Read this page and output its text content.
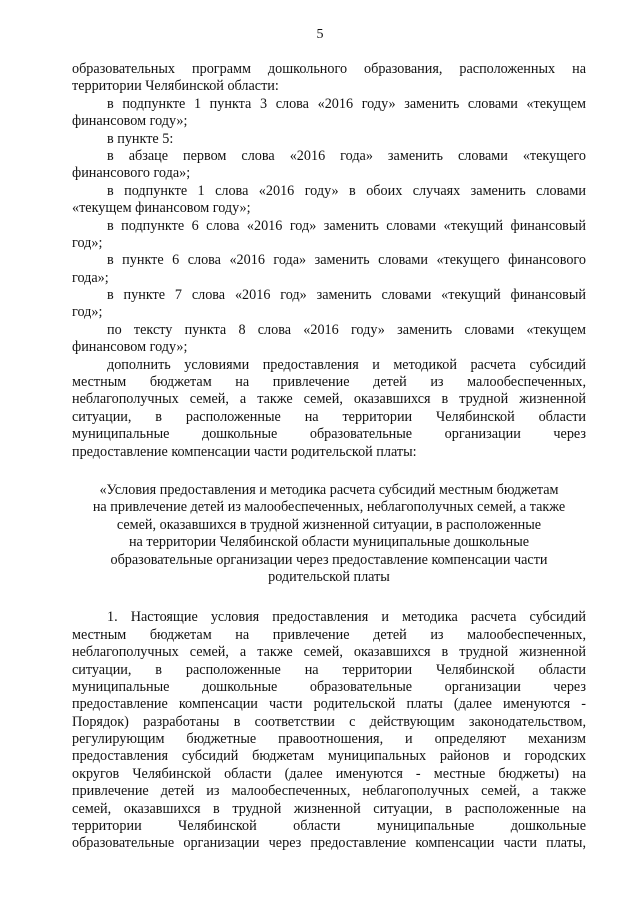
5
образовательных программ дошкольного образования, расположенных на
территории Челябинской области:
в подпункте 1 пункта 3 слова «2016 году» заменить словами «текущем
финансовом году»;
в пункте 5:
в абзаце первом слова «2016 года» заменить словами «текущего
финансового года»;
в подпункте 1 слова «2016 году» в обоих случаях заменить словами
«текущем финансовом году»;
в подпункте 6 слова «2016 год» заменить словами «текущий финансовый
год»;
в пункте 6 слова «2016 года» заменить словами «текущего финансового
года»;
в пункте 7 слова «2016 год» заменить словами «текущий финансовый
год»;
по тексту пункта 8 слова «2016 году» заменить словами «текущем
финансовом году»;
дополнить условиями предоставления и методикой расчета субсидий
местным бюджетам на привлечение детей из малообеспеченных,
неблагополучных семей, а также семей, оказавшихся в трудной жизненной
ситуации, в расположенные на территории Челябинской области
муниципальные дошкольные образовательные организации через
предоставление компенсации части родительской платы:
«Условия предоставления и методика расчета субсидий местным бюджетам
на привлечение детей из малообеспеченных, неблагополучных семей, а также
семей, оказавшихся в трудной жизненной ситуации, в расположенные
на территории Челябинской области муниципальные дошкольные
образовательные организации через предоставление компенсации части
родительской платы
1. Настоящие условия предоставления и методика расчета субсидий
местным бюджетам на привлечение детей из малообеспеченных,
неблагополучных семей, а также семей, оказавшихся в трудной жизненной
ситуации, в расположенные на территории Челябинской области
муниципальные дошкольные образовательные организации через
предоставление компенсации части родительской платы (далее именуются -
Порядок) разработаны в соответствии с действующим законодательством,
регулирующим бюджетные правоотношения, и определяют механизм
предоставления субсидий бюджетам муниципальных районов и городских
округов Челябинской области (далее именуются - местные бюджеты) на
привлечение детей из малообеспеченных, неблагополучных семей, а также
семей, оказавшихся в трудной жизненной ситуации, в расположенные на
территории Челябинской области муниципальные дошкольные
образовательные организации через предоставление компенсации части платы,
